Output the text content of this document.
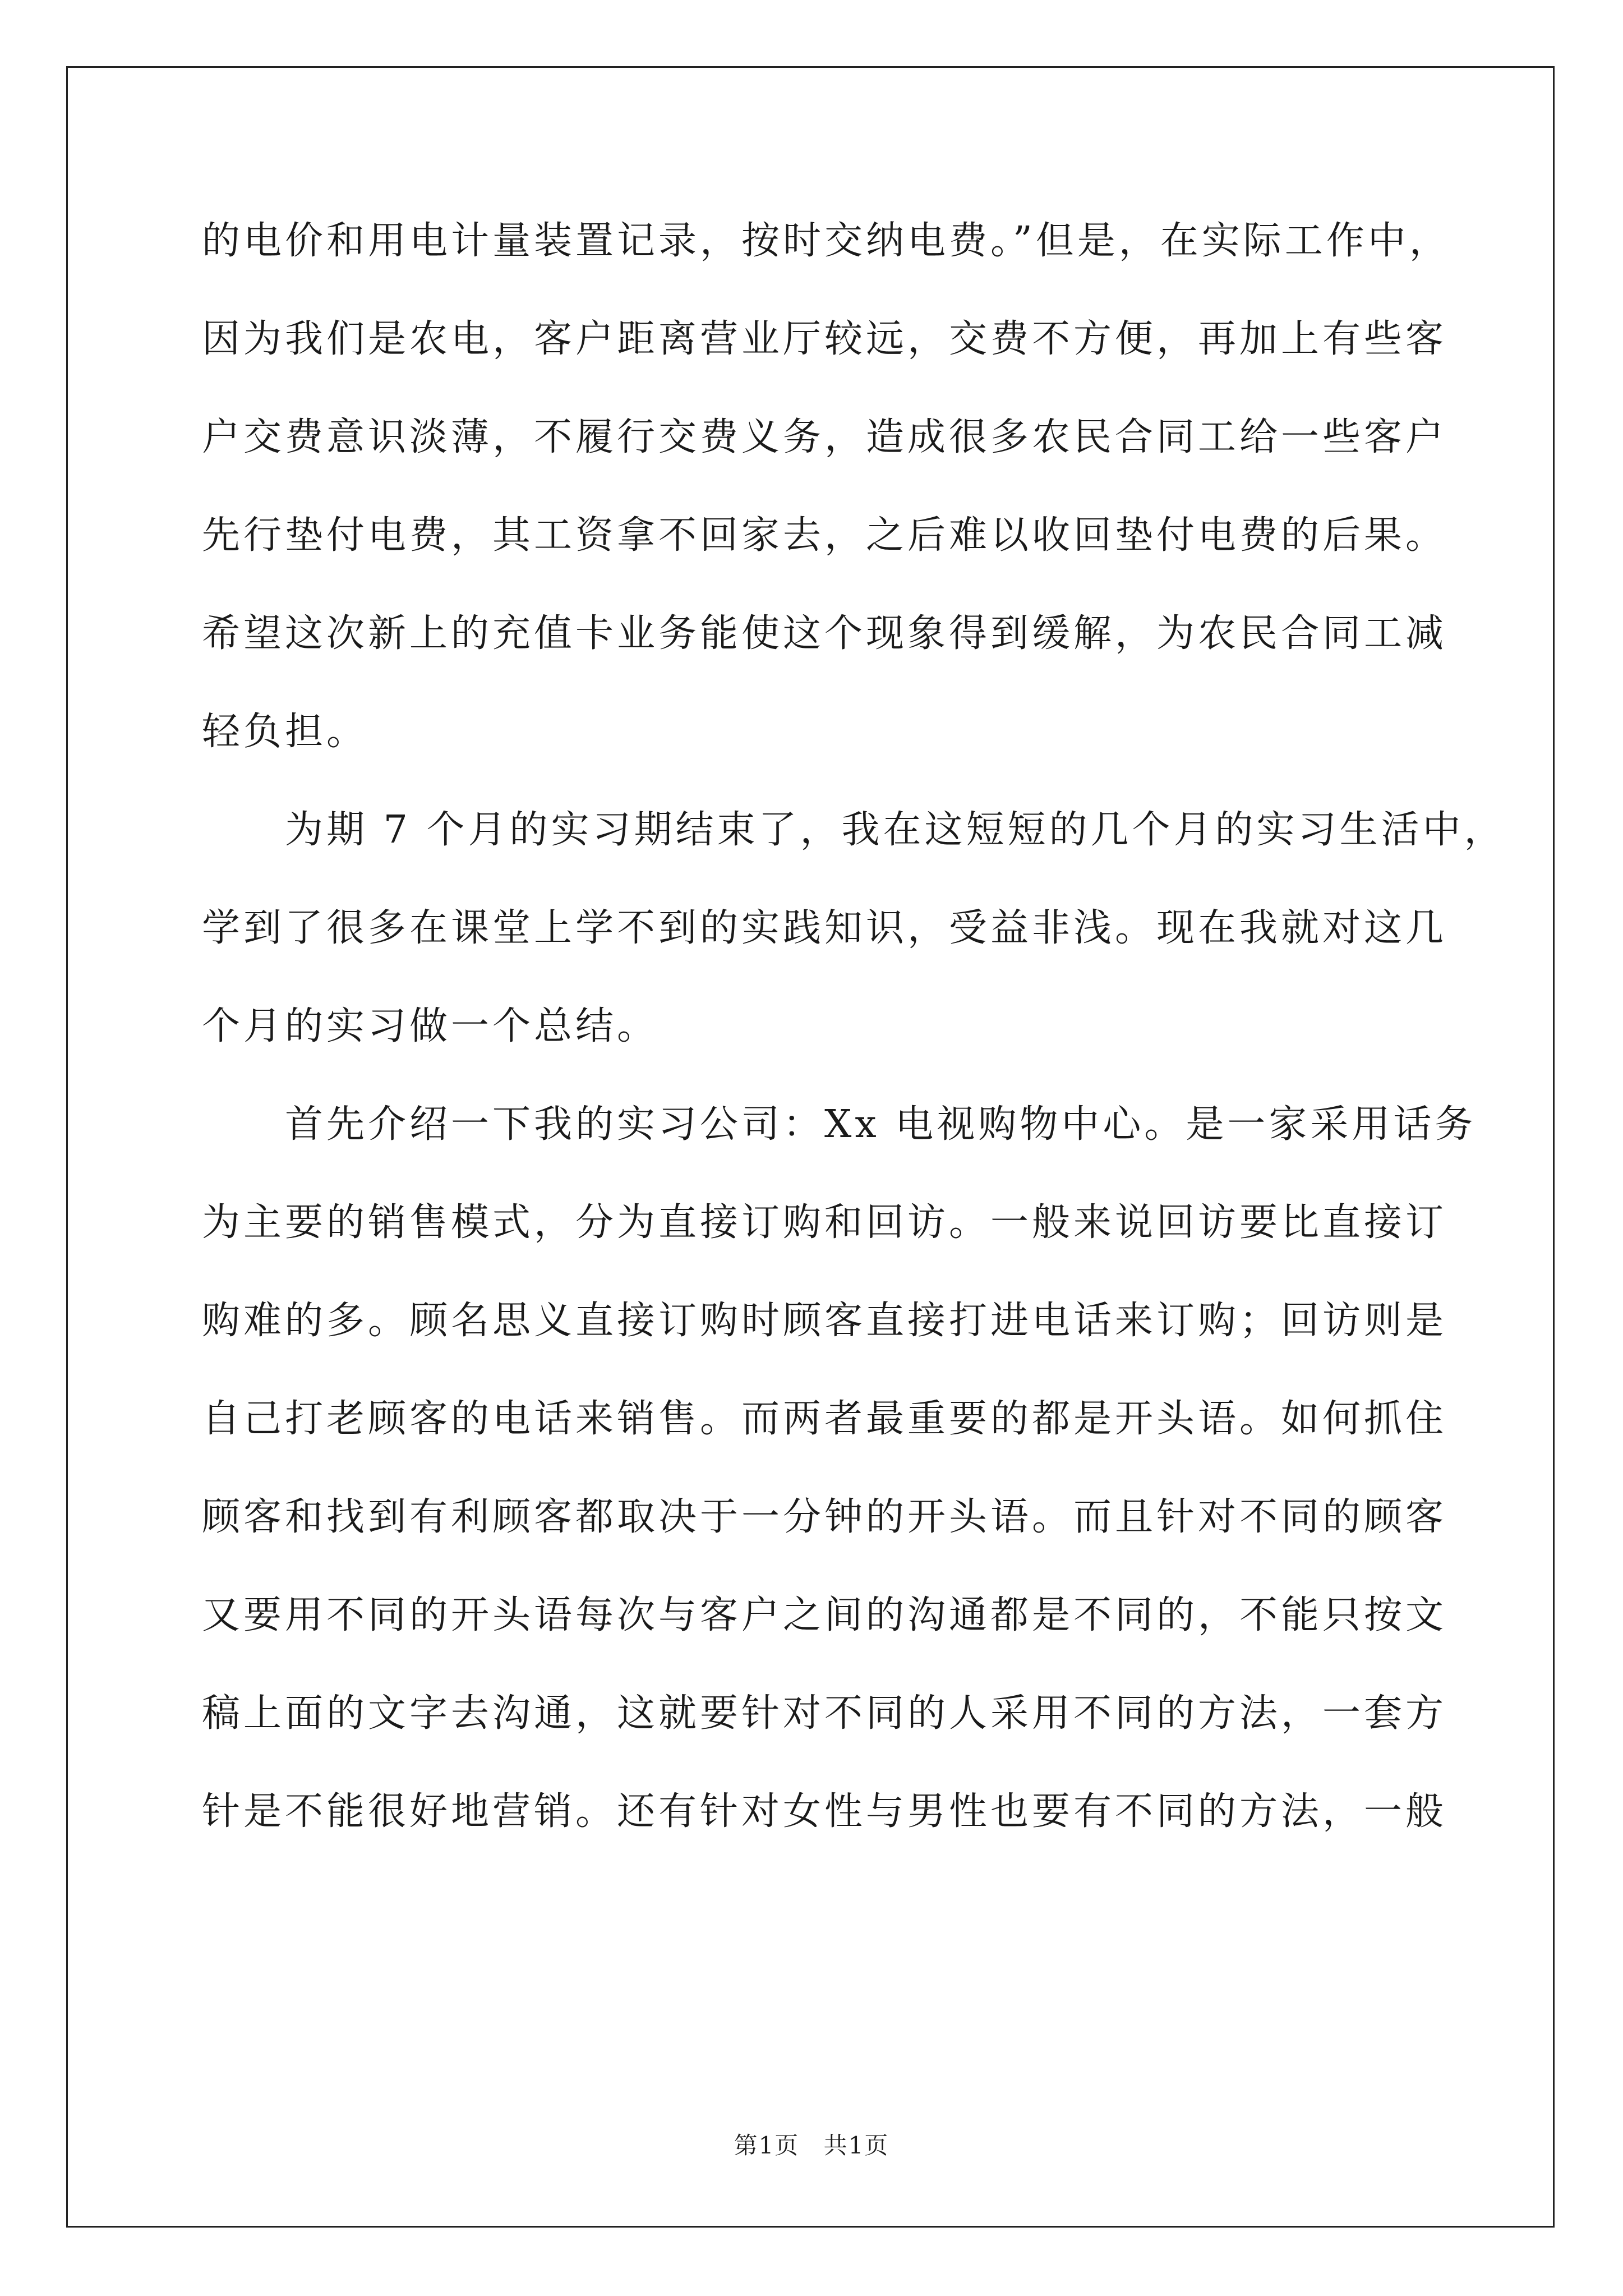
的电价和用电计量装置记录，按时交纳电费。”但是，在实际工作中，
因为我们是农电，客户距离营业厅较远，交费不方便，再加上有些客
户交费意识淡薄，不履行交费义务，造成很多农民合同工给一些客户
先行垫付电费，其工资拿不回家去，之后难以收回垫付电费的后果。
希望这次新上的充值卡业务能使这个现象得到缓解，为农民合同工减
轻负担。
　　为期 7 个月的实习期结束了，我在这短短的几个月的实习生活中，
学到了很多在课堂上学不到的实践知识，受益非浅。现在我就对这几
个月的实习做一个总结。
　　首先介绍一下我的实习公司：Xx 电视购物中心。是一家采用话务
为主要的销售模式，分为直接订购和回访。一般来说回访要比直接订
购难的多。顾名思义直接订购时顾客直接打进电话来订购；回访则是
自己打老顾客的电话来销售。而两者最重要的都是开头语。如何抓住
顾客和找到有利顾客都取决于一分钟的开头语。而且针对不同的顾客
又要用不同的开头语每次与客户之间的沟通都是不同的，不能只按文
稿上面的文字去沟通，这就要针对不同的人采用不同的方法，一套方
针是不能很好地营销。还有针对女性与男性也要有不同的方法，一般
第1页 共1页
